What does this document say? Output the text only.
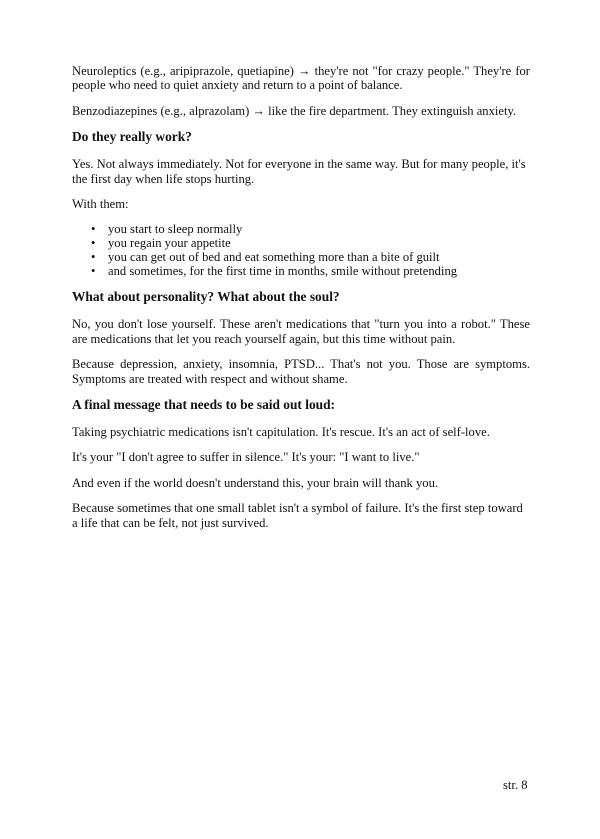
Neuroleptics (e.g., aripiprazole, quetiapine) → they're not "for crazy people." They're for people who need to quiet anxiety and return to a point of balance.

Benzodiazepines (e.g., alprazolam) → like the fire department. They extinguish anxiety.

Do they really work?

Yes. Not always immediately. Not for everyone in the same way. But for many people, it's the first day when life stops hurting.

With them:

• you start to sleep normally
• you regain your appetite
• you can get out of bed and eat something more than a bite of guilt
• and sometimes, for the first time in months, smile without pretending
What about personality? What about the soul?

No, you don't lose yourself. These aren't medications that "turn you into a robot." These are medications that let you reach yourself again, but this time without pain.

Because depression, anxiety, insomnia, PTSD... That's not you. Those are symptoms. Symptoms are treated with respect and without shame.

A final message that needs to be said out loud:

Taking psychiatric medications isn't capitulation. It's rescue. It's an act of self-love.

It's your "I don't agree to suffer in silence." It's your: "I want to live."

And even if the world doesn't understand this, your brain will thank you.

Because sometimes that one small tablet isn't a symbol of failure. It's the first step toward a life that can be felt, not just survived.

str. 8
